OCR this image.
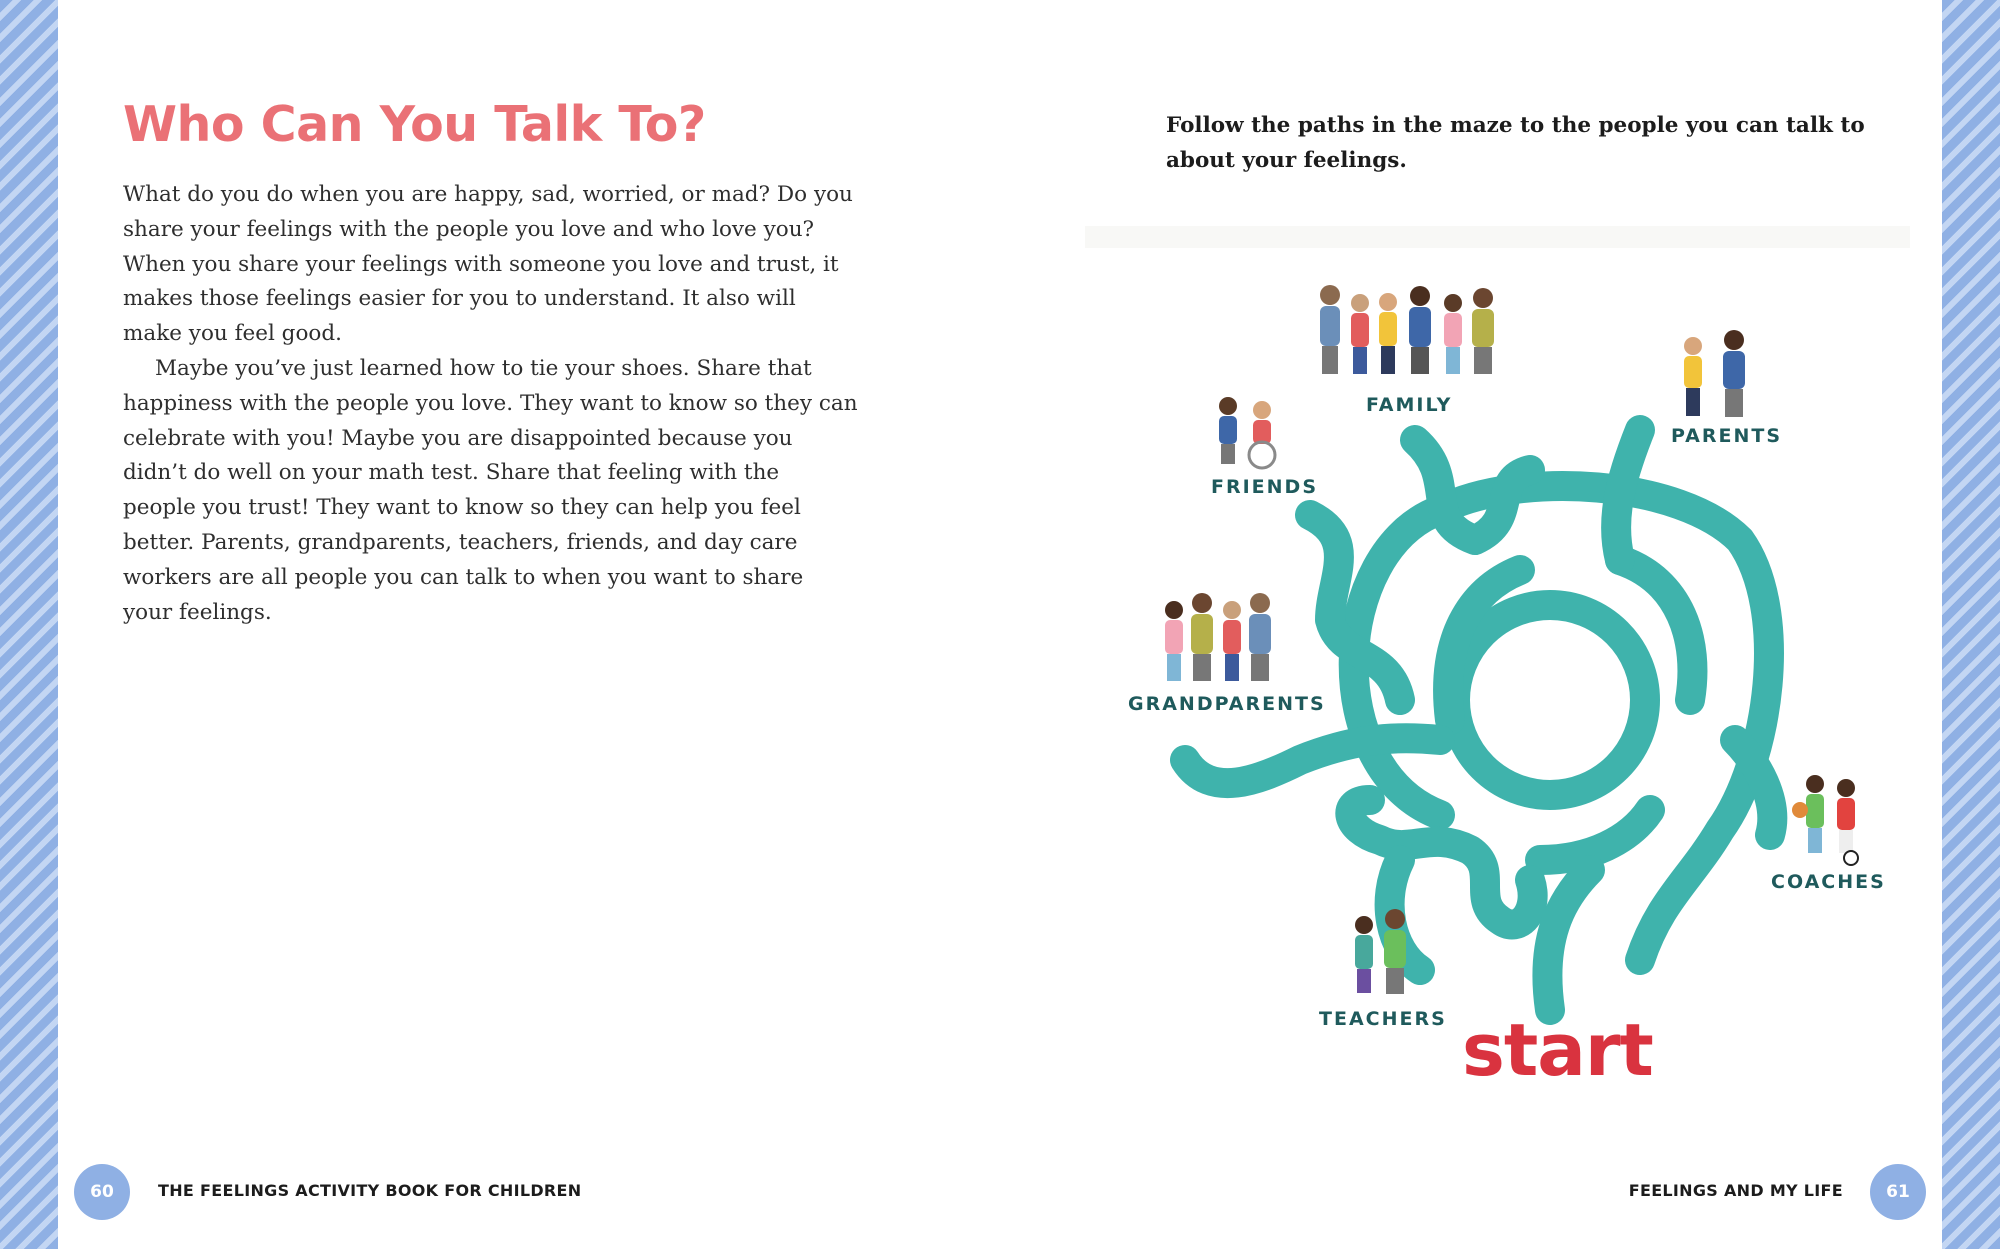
Who Can You Talk To?

What do you do when you are happy, sad, worried, or mad? Do you share your feelings with the people you love and who love you? When you share your feelings with someone you love and trust, it makes those feelings easier for you to understand. It also will make you feel good.

Maybe you’ve just learned how to tie your shoes. Share that happiness with the people you love. They want to know so they can celebrate with you! Maybe you are disappointed because you didn’t do well on your math test. Share that feeling with the people you trust! They want to know so they can help you feel better. Parents, grandparents, teachers, friends, and day care workers are all people you can talk to when you want to share your feelings.

Follow the paths in the maze to the people you can talk to about your feelings.
FAMILY
PARENTS
FRIENDS
GRANDPARENTS
COACHES
TEACHERS start
60	THE FEELINGS ACTIVITY BOOK FOR CHILDREN	FEELINGS AND MY LIFE	61
